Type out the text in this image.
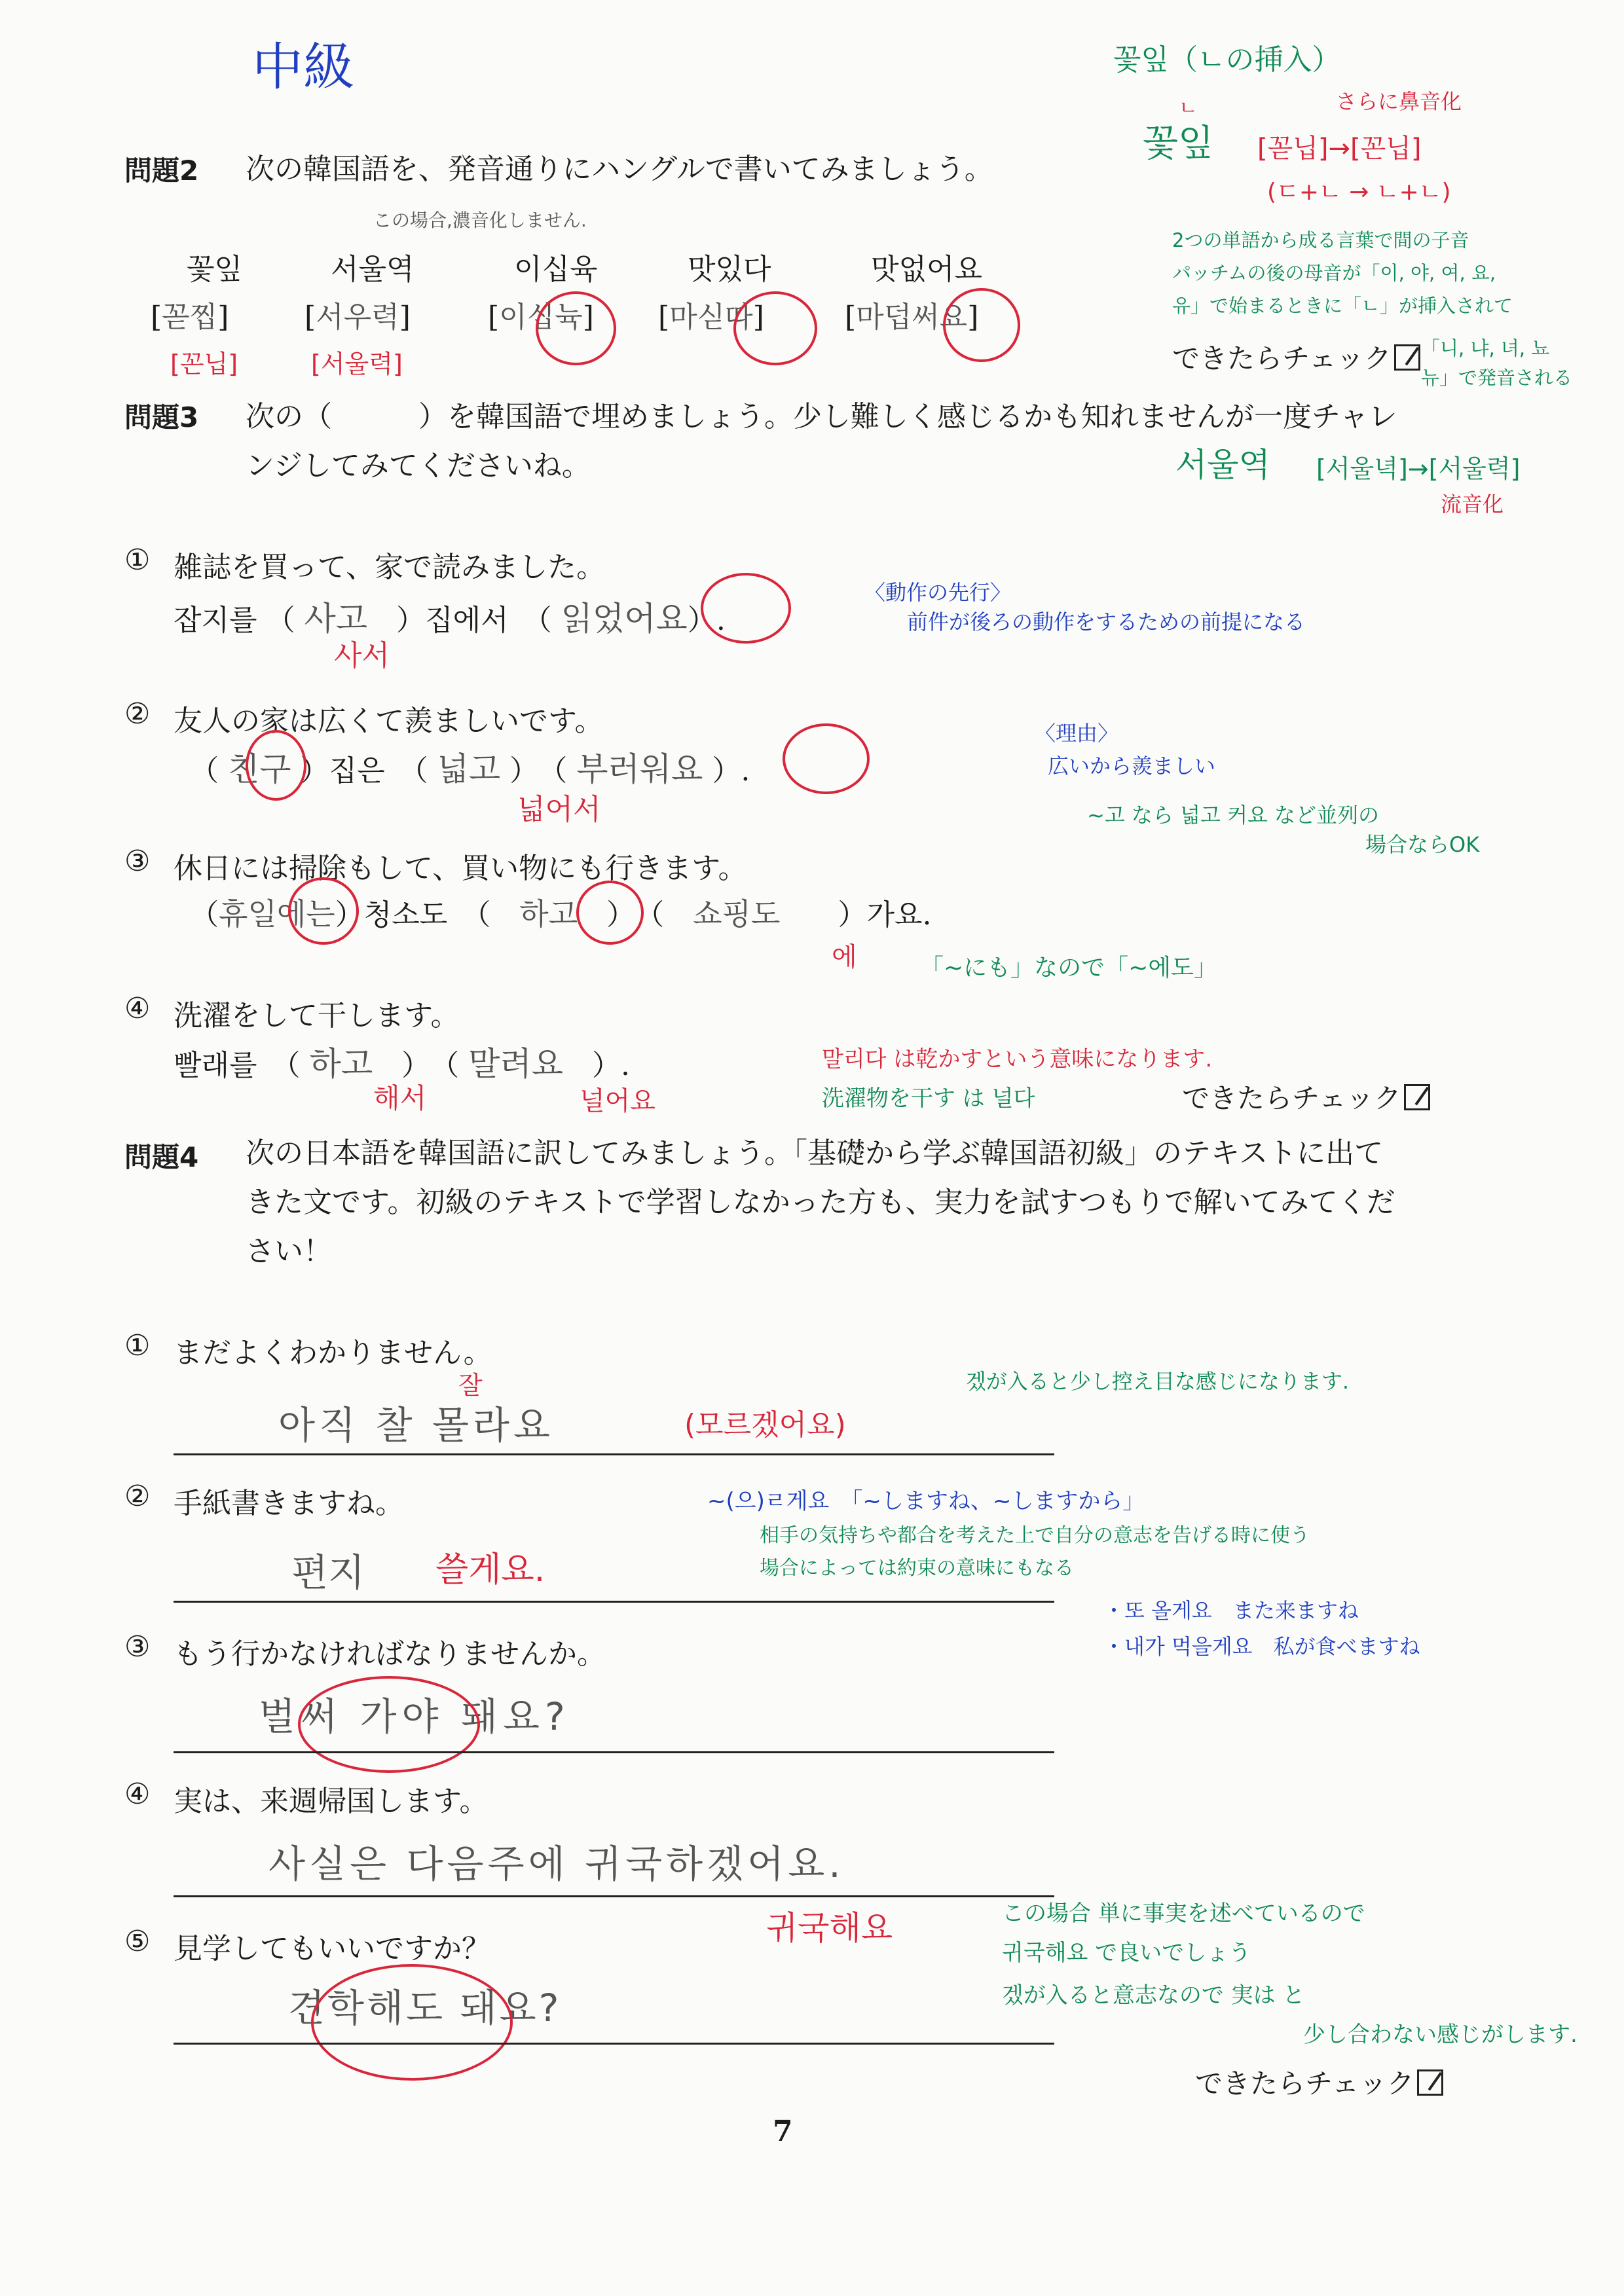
中級	꽃잎（ㄴの挿入）
さらに鼻音化
꽃잎
ㄴ
[꼳닙]→[꼰닙]
(ㄷ+ㄴ → ㄴ+ㄴ)
2つの単語から成る言葉で間の子音
パッチムの後の母音が「이, 야, 여, 요,
유」で始まるときに「ㄴ」が挿入されて
「니, 냐, 녀, 뇨
뉴」で発音される
서울역 [서울녁]→[서울력]
流音化
問題2 次の韓国語を、発音通りにハングルで書いてみましょう。
この場合,濃音化しません.
꽃잎	서울역	이십육	맛있다	맛없어요
[꼳찝]	[서우력]	[이십뉵] [마싣따]	[마덥써요]
[꼰닙]	[서울력]	できたらチェック
問題3 次の（　　　）を韓国語で埋めましょう。少し難しく感じるかも知れませんが一度チャレ
ンジしてみてくださいね。
① 雑誌を買って、家で読みました。
잡지를 （ 사고　 ）집에서　（ 읽었어요）.
사서
〈動作の先行〉
前件が後ろの動作をするための前提になる
② 友人の家は広くて羨ましいです。
（ 친구 ）집은　（ 넓고 ）　（ 부러워요 ）.
넓어서
〈理由〉
広いから羨ましい
~고 なら 넓고 커요 など並列の
場合ならOK
③ 休日には掃除もして、買い物にも行きます。
（휴일에는）청소도　（　 하고　 ）　（　 쇼핑도　　 ）가요.
에	「~にも」なので「~에도」
④ 洗濯をして干します。
빨래를　（ 하고　 ）　（ 말려요　 ）.
해서	널어요
말리다 は乾かすという意味になります.
洗濯物を干す は 널다	できたらチェック
問題4 次の日本語を韓国語に訳してみましょう。「基礎から学ぶ韓国語初級」のテキストに出て
きた文です。初級のテキストで学習しなかった方も、実力を試すつもりで解いてみてくだ
さい！
① まだよくわかりません。
아직 찰 몰라요
잘
(모르겠어요)
겠が入ると少し控え目な感じになります.
② 手紙書きますね。
편지 쓸게요.
~(으)ㄹ게요　「~しますね、~しますから」
相手の気持ちや都合を考えた上で自分の意志を告げる時に使う
場合によっては約束の意味にもなる
・또 올게요　また来ますね
・내가 먹을게요　私が食べますね
③ もう行かなければなりませんか。
벌써 가야 돼요?
④ 実は、来週帰国します。
사실은 다음주에 귀국하겠어요.
귀국해요
⑤ 見学してもいいですか？
견학해도 돼요?
この場合 単に事実を述べているので
귀국해요 で良いでしょう
겠が入ると意志なので 実は と
少し合わない感じがします.
できたらチェック
7
